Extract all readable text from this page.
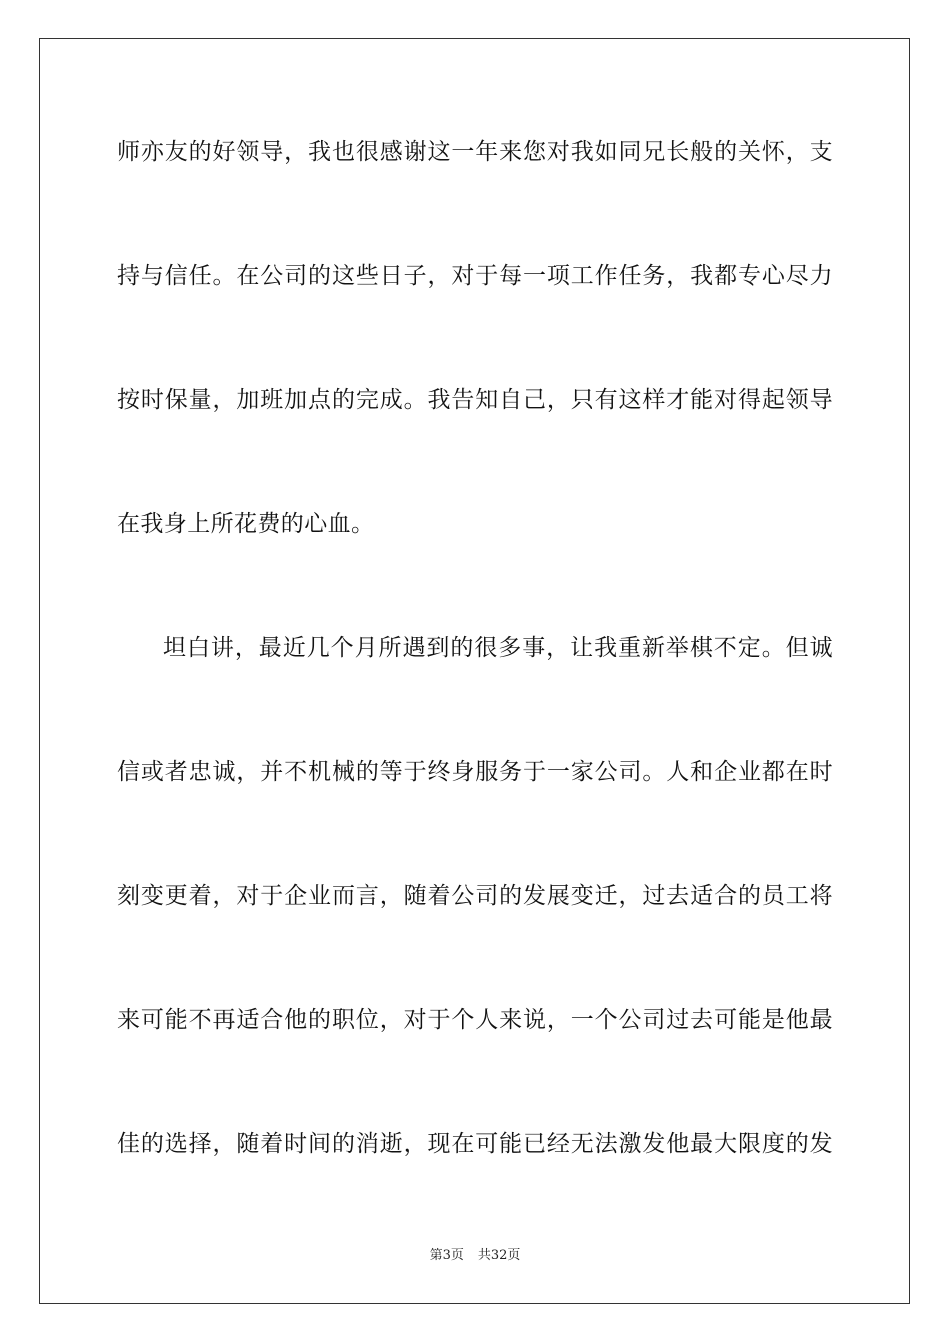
师亦友的好领导，我也很感谢这一年来您对我如同兄长般的关怀，支
持与信任。在公司的这些日子，对于每一项工作任务，我都专心尽力
按时保量，加班加点的完成。我告知自己，只有这样才能对得起领导
在我身上所花费的心血。
坦白讲，最近几个月所遇到的很多事，让我重新举棋不定。但诚
信或者忠诚，并不机械的等于终身服务于一家公司。人和企业都在时
刻变更着，对于企业而言，随着公司的发展变迁，过去适合的员工将
来可能不再适合他的职位，对于个人来说，一个公司过去可能是他最
佳的选择，随着时间的消逝，现在可能已经无法激发他最大限度的发
第3页 共32页
